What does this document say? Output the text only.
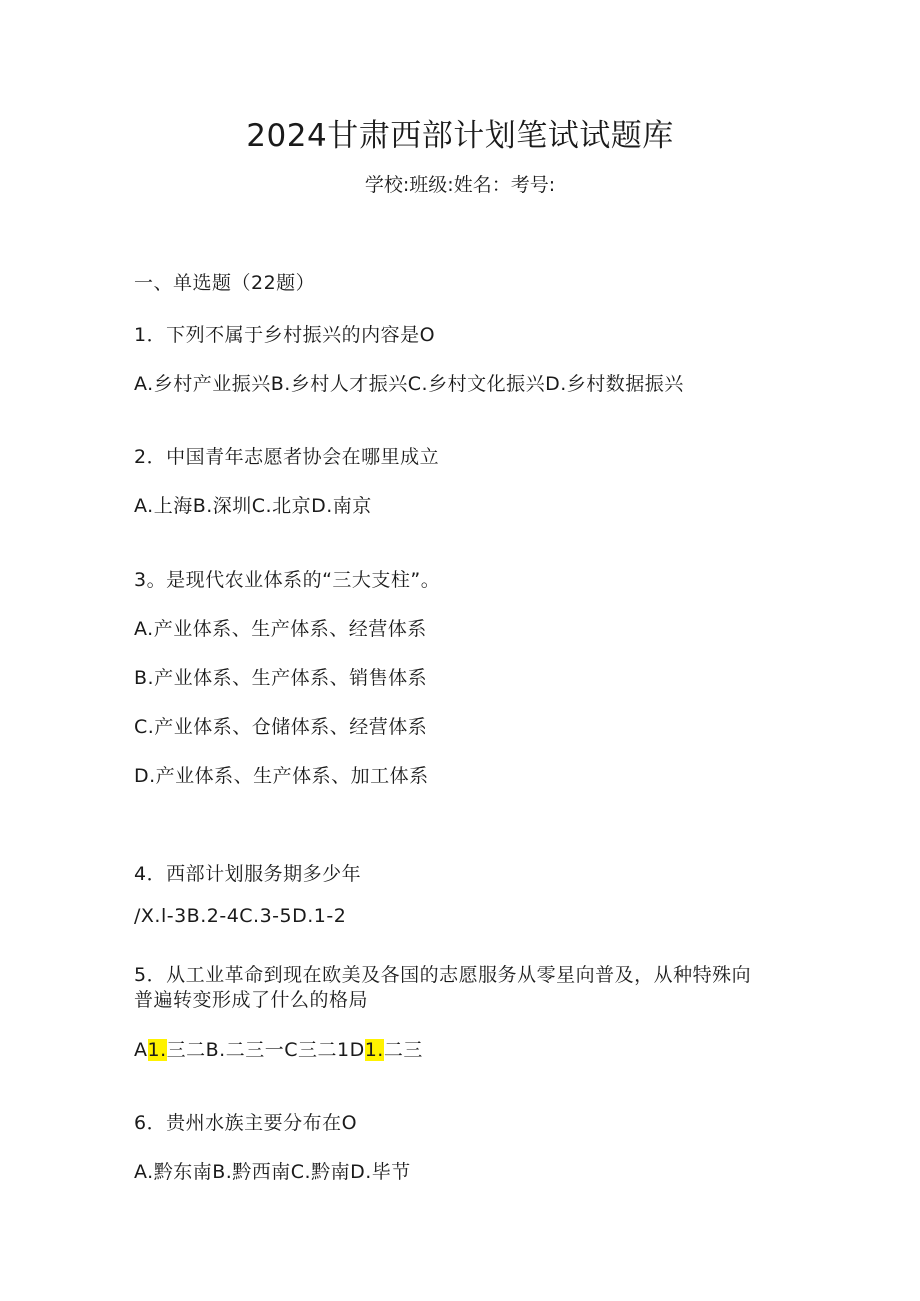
2024甘肃西部计划笔试试题库
学校:班级:姓名：考号:
一、单选题（22题）
1．下列不属于乡村振兴的内容是O
A.乡村产业振兴B.乡村人才振兴C.乡村文化振兴D.乡村数据振兴
2．中国青年志愿者协会在哪里成立
A.上海B.深圳C.北京D.南京
3。是现代农业体系的“三大支柱”。
A.产业体系、生产体系、经营体系
B.产业体系、生产体系、销售体系
C.产业体系、仓储体系、经营体系
D.产业体系、生产体系、加工体系
4．西部计划服务期多少年
/X.l-3B.2-4C.3-5D.1-2
5．从工业革命到现在欧美及各国的志愿服务从零星向普及，从种特殊向
普遍转变形成了什么的格局
A1.三二B.二三一C三二1D1.二三
6．贵州水族主要分布在O
A.黔东南B.黔西南C.黔南D.毕节
